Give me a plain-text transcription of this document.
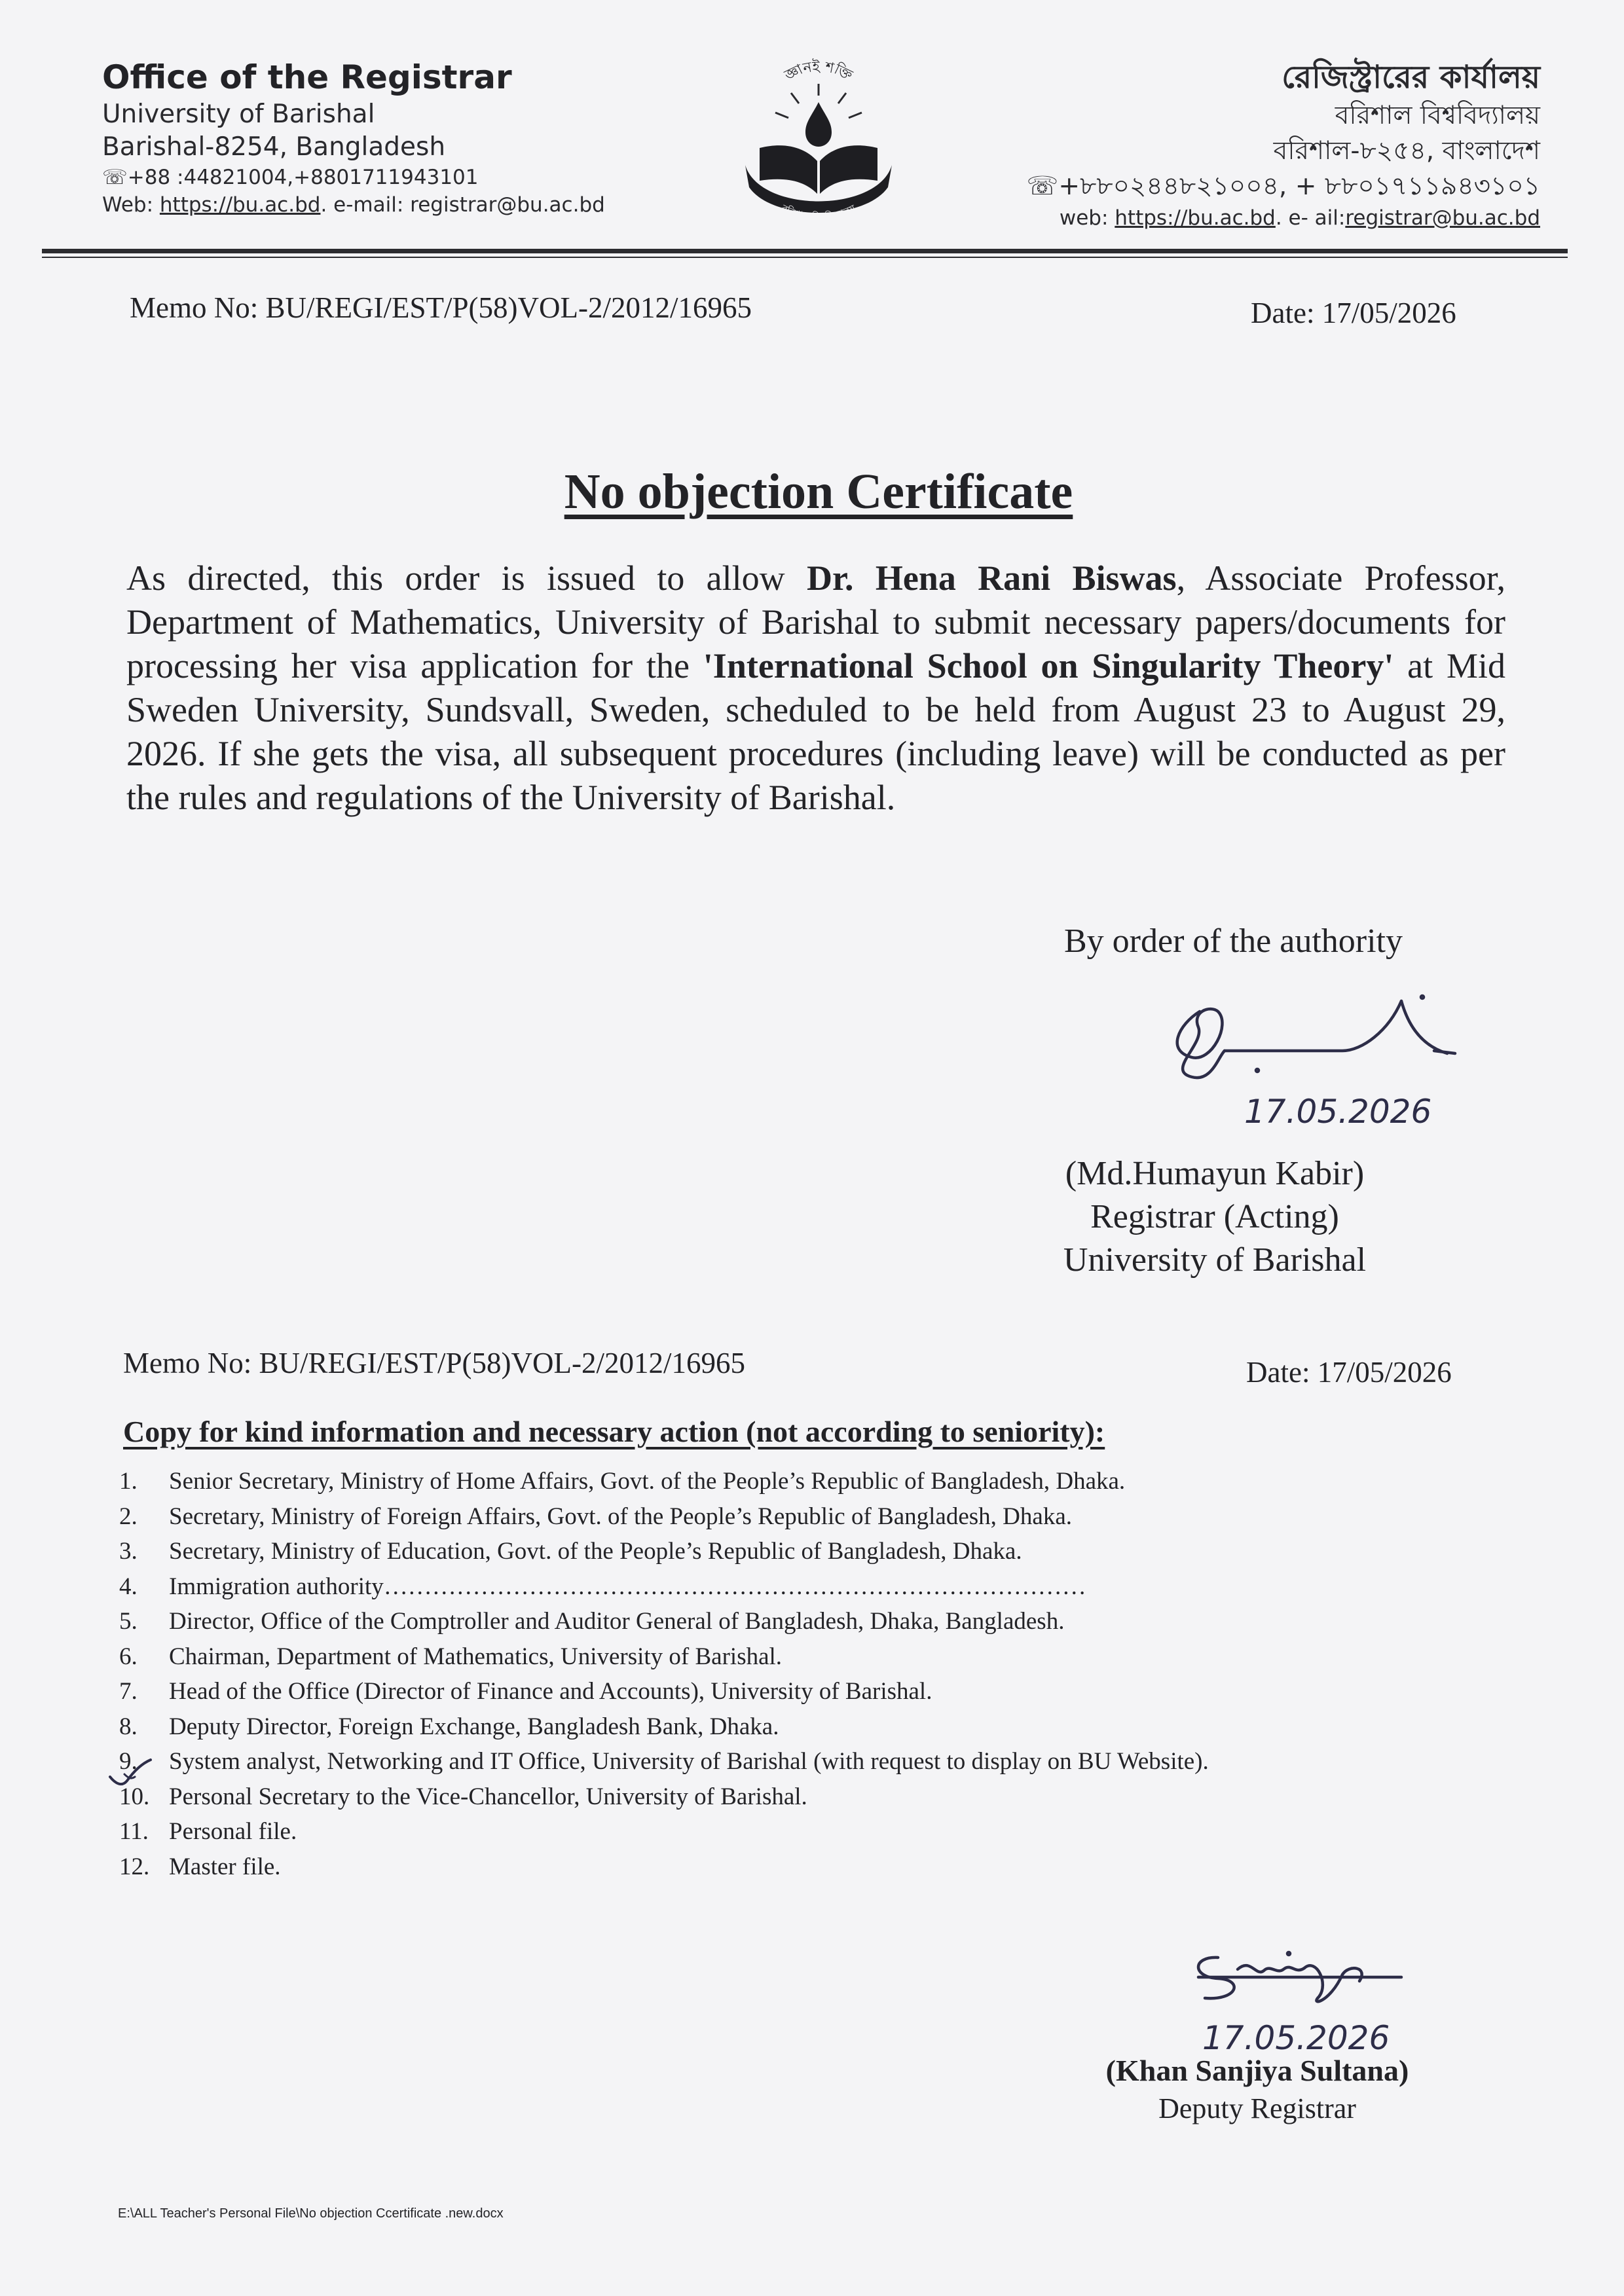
Office of the Registrar
University of Barishal
Barishal-8254, Bangladesh
☏+88 :44821004,+8801711943101
Web: https://bu.ac.bd. e-mail: registrar@bu.ac.bd
জ্ঞানই শক্তি
বরিশাল বিশ্ববিদ্যালয়
রেজিস্ট্রারের কার্যালয়
বরিশাল বিশ্ববিদ্যালয়
বরিশাল-৮২৫৪, বাংলাদেশ
☏+৮৮০২৪৪৮২১০০৪, + ৮৮০১৭১১৯৪৩১০১
web: https://bu.ac.bd. e- ail:registrar@bu.ac.bd
Memo No: BU/REGI/EST/P(58)VOL-2/2012/16965	Date: 17/05/2026
No objection Certificate
As directed, this order is issued to allow Dr. Hena Rani Biswas, Associate Professor, Department of Mathematics, University of Barishal to submit necessary papers/documents for processing her visa application for the 'International School on Singularity Theory' at Mid Sweden University, Sundsvall, Sweden, scheduled to be held from August 23 to August 29, 2026. If she gets the visa, all subsequent procedures (including leave) will be conducted as per the rules and regulations of the University of Barishal.
By order of the authority
17.05.2026
(Md.Humayun Kabir)
Registrar (Acting)
University of Barishal
Memo No: BU/REGI/EST/P(58)VOL-2/2012/16965	Date: 17/05/2026
Copy for kind information and necessary action (not according to seniority):
1.	Senior Secretary, Ministry of Home Affairs, Govt. of the People’s Republic of Bangladesh, Dhaka.
2.	Secretary, Ministry of Foreign Affairs, Govt. of the People’s Republic of Bangladesh, Dhaka.
3.	Secretary, Ministry of Education, Govt. of the People’s Republic of Bangladesh, Dhaka.
4.	Immigration authority……………………………………………………………………………
5.	Director, Office of the Comptroller and Auditor General of Bangladesh, Dhaka, Bangladesh.
6.	Chairman, Department of Mathematics, University of Barishal.
7.	Head of the Office (Director of Finance and Accounts), University of Barishal.
8.	Deputy Director, Foreign Exchange, Bangladesh Bank, Dhaka.
9.	System analyst, Networking and IT Office, University of Barishal (with request to display on BU Website).
10. Personal Secretary to the Vice-Chancellor, University of Barishal.
11. Personal file.
12. Master file.
17.05.2026
(Khan Sanjiya Sultana)
Deputy Registrar
E:\ALL Teacher's Personal File\No objection Ccertificate .new.docx
